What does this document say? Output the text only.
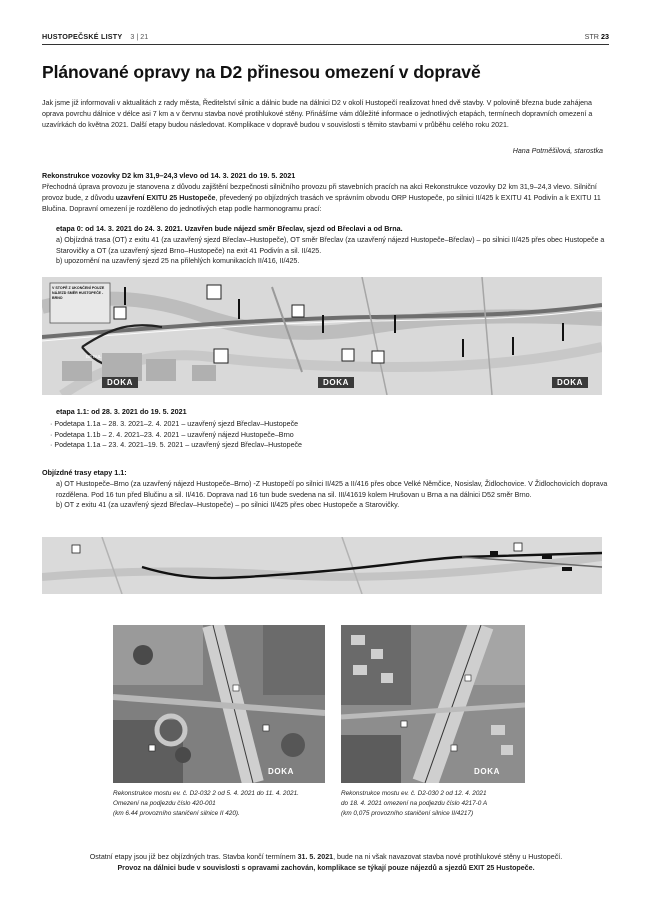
HUSTOPEČSKÉ LISTY 3 | 21	STR 23
Plánované opravy na D2 přinesou omezení v dopravě

Jak jsme již informovali v aktualitách z rady města, Ředitelství silnic a dálnic bude na dálnici D2 v okolí Hustopečí realizovat hned dvě stavby. V polovině března bude zahájena oprava povrchu dálnice v délce asi 7 km a v červnu stavba nové protihlukové stěny. Přinášíme vám důležité informace o jednotlivých etapách, termínech dopravních omezení a uzavírkách do května 2021. Další etapy budou následovat. Komplikace v dopravě budou v souvislosti s těmito stavbami v průběhu celého roku 2021.

Hana Potměšilová, starostka
Rekonstrukce vozovky D2 km 31,9–24,3 vlevo od 14. 3. 2021 do 19. 5. 2021

Přechodná úprava provozu je stanovena z důvodu zajištění bezpečnosti silničního provozu při stavebních pracích na akci Rekonstrukce vozovky D2 km 31,9–24,3 vlevo. Silniční provoz bude, z důvodu uzavření EXITU 25 Hustopeče, převedený po objízdných trasách ve správním obvodu ORP Hustopeče, po silnici II/425 k EXITU 41 Podivín a k EXITU 11 Blučina. Dopravní omezení je rozděleno do jednotlivých etap podle harmonogramu prací:

etapa 0: od 14. 3. 2021 do 24. 3. 2021. Uzavřen bude nájezd směr Břeclav, sjezd od Břeclavi a od Brna.
a) Objízdná trasa (OT) z exitu 41 (za uzavřený sjezd Břeclav–Hustopeče), OT směr Břeclav (za uzavřený nájezd Hustopeče–Břeclav) – po silnici II/425 přes obec Hustopeče a Starovičky a OT (za uzavřený sjezd Brno–Hustopeče) na exit 41 Podivín a sil. II/425.
b) upozornění na uzavřený sjezd 25 na přilehlých komunikacích II/416, II/425.
V STOPĚ Z UKONČENÍ POUZE NÁJEZD SMĚR HUSTOPEČE - BRNO
DETAIL
DOKA	DOKA	DOKA
etapa 1.1: od 28. 3. 2021 do 19. 5. 2021
· Podetapa 1.1a – 28. 3. 2021–2. 4. 2021 – uzavřený sjezd Břeclav–Hustopeče
· Podetapa 1.1b – 2. 4. 2021–23. 4. 2021 – uzavřený nájezd Hustopeče–Brno
· Podetapa 1.1a – 23. 4. 2021–19. 5. 2021 – uzavřený sjezd Břeclav–Hustopeče
Objízdné trasy etapy 1.1:
a) OT Hustopeče–Brno (za uzavřený nájezd Hustopeče–Brno) -Z Hustopečí po silnici II/425 a II/416 přes obce Velké Němčice, Nosislav, Židlochovice. V Židlochovicích doprava rozdělena. Pod 16 tun před Blučinu a sil. II/416. Doprava nad 16 tun bude svedena na sil. III/41619 kolem Hrušovan u Brna a na dálnici D52 směr Brno.
b) OT z exitu 41 (za uzavřený sjezd Břeclav–Hustopeče) – po silnici II/425 přes obec Hustopeče a Starovičky.
DOKA
Rekonstrukce mostu ev. č. D2-032 2 od 5. 4. 2021 do 11. 4. 2021.
Omezení na podjezdu číslo 420-001
(km 6.44 provozního staničení silnice II 420).
DOKA
Rekonstrukce mostu ev. č. D2-030 2 od 12. 4. 2021
do 18. 4. 2021 omezení na podjezdu číslo 4217-0 A
(km 0,075 provozního staničení silnice II/4217)
Ostatní etapy jsou již bez objízdných tras. Stavba končí termínem 31. 5. 2021, bude na ni však navazovat stavba nové protihlukové stěny u Hustopečí.
Provoz na dálnici bude v souvislosti s opravami zachován, komplikace se týkají pouze nájezdů a sjezdů EXIT 25 Hustopeče.
